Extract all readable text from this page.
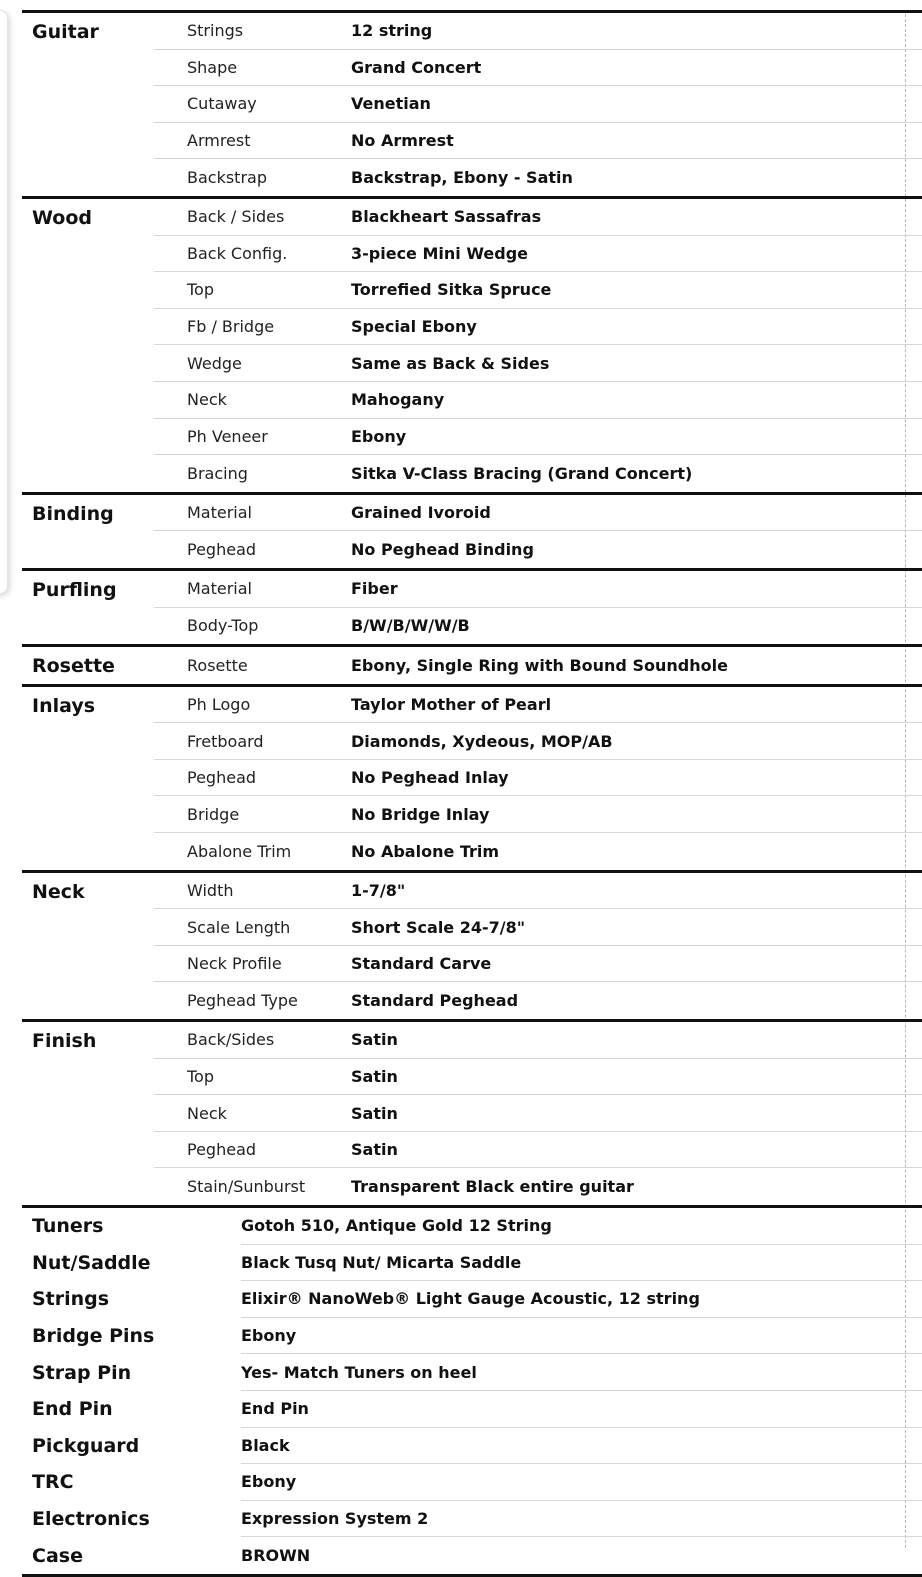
Guitar	Strings	12 string
Shape	Grand Concert
Cutaway	Venetian
Armrest	No Armrest
Backstrap	Backstrap, Ebony - Satin
Wood	Back / Sides	Blackheart Sassafras
Back Config.	3-piece Mini Wedge
Top	Torrefied Sitka Spruce
Fb / Bridge	Special Ebony
Wedge	Same as Back & Sides
Neck	Mahogany
Ph Veneer	Ebony
Bracing	Sitka V-Class Bracing (Grand Concert)
Binding	Material	Grained Ivoroid
Peghead	No Peghead Binding
Purfling	Material	Fiber
Body-Top	B/W/B/W/W/B
Rosette	Rosette	Ebony, Single Ring with Bound Soundhole
Inlays	Ph Logo	Taylor Mother of Pearl
Fretboard	Diamonds, Xydeous, MOP/AB
Peghead	No Peghead Inlay
Bridge	No Bridge Inlay
Abalone Trim	No Abalone Trim
Neck	Width	1-7/8"
Scale Length	Short Scale 24-7/8"
Neck Profile	Standard Carve
Peghead Type	Standard Peghead
Finish	Back/Sides	Satin
Top	Satin
Neck	Satin
Peghead	Satin
Stain/Sunburst	Transparent Black entire guitar
Tuners	Gotoh 510, Antique Gold 12 String
Nut/Saddle	Black Tusq Nut/ Micarta Saddle
Strings	Elixir® NanoWeb® Light Gauge Acoustic, 12 string
Bridge Pins	Ebony
Strap Pin	Yes- Match Tuners on heel
End Pin	End Pin
Pickguard	Black
TRC	Ebony
Electronics	Expression System 2
Case	BROWN
